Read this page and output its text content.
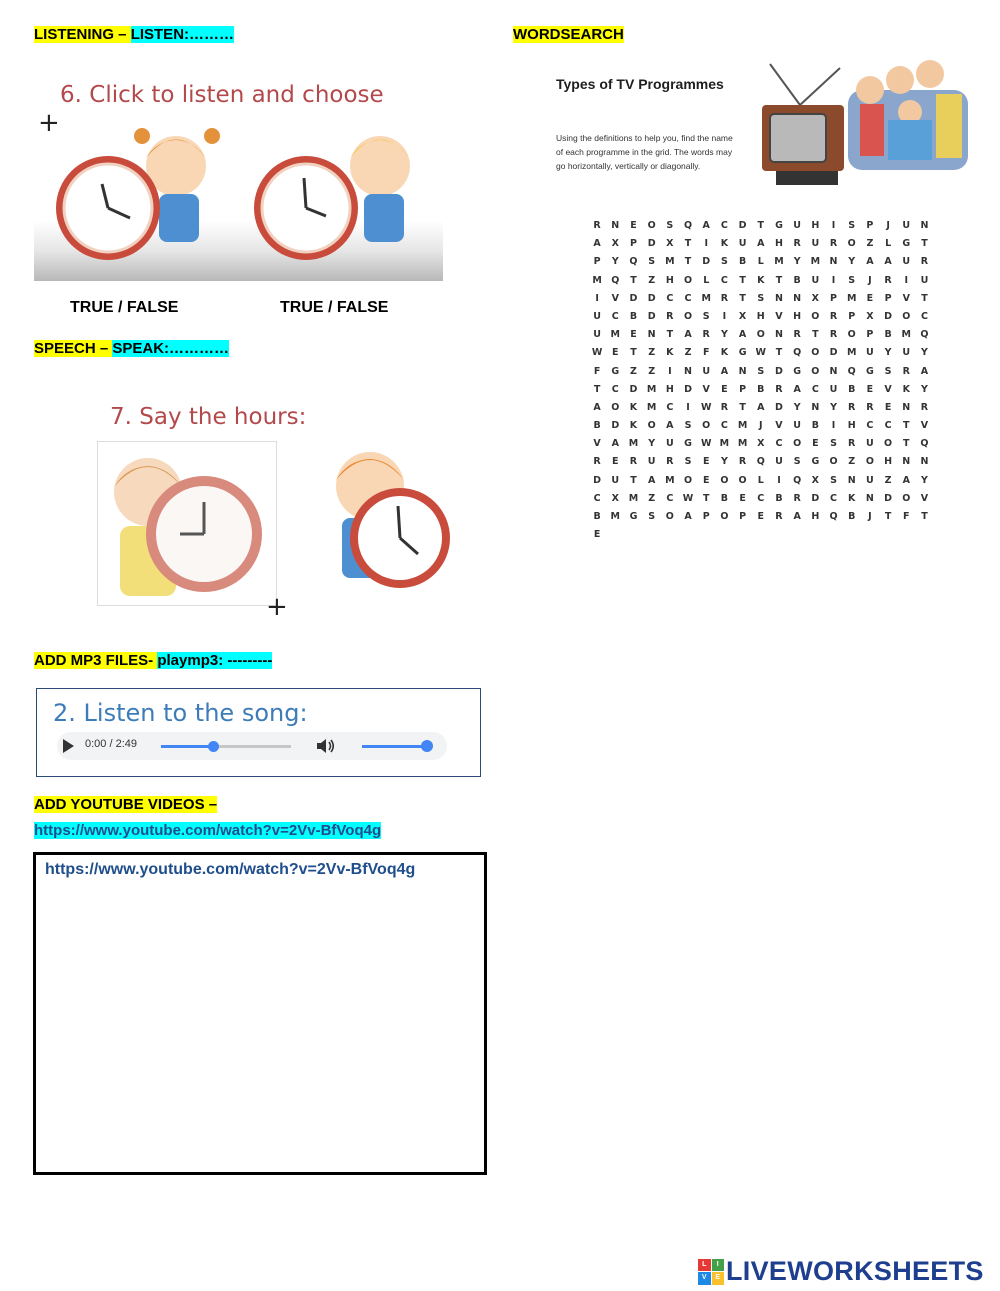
LISTENING – LISTEN:………
6. Click to listen and choose
+
TRUE / FALSE	TRUE / FALSE
SPEECH – SPEAK:…………
7. Say the hours:
+
ADD MP3 FILES- playmp3: ---------
2. Listen to the song:
0:00 / 2:49
ADD YOUTUBE VIDEOS –
https://www.youtube.com/watch?v=2Vv-BfVoq4g
https://www.youtube.com/watch?v=2Vv-BfVoq4g
WORDSEARCH
Types of TV Programmes
Using the definitions to help you, find the name of each programme in the grid. The words may go horizontally, vertically or diagonally.
R	N	E	O	S	Q	A	C	D	T	G	U	H	I	S	P	J	U	N
A	X	P	D	X	T	I	K	U	A	H	R	U	R	O	Z	L	G	T
P	Y	Q	S	M	T	D	S	B	L	M	Y	M N	Y	A	A	U	R
M Q	T	Z	H	O	L	C	T	K	T	B	U	I	S	J	R	I	U
I	V	D	D	C	C	M	R	T	S	N	N	X	P	M	E	P	V	T
U	C	B	D	R	O	S	I	X	H	V	H	O	R	P	X	D	O	C
U	M	E	N	T	A	R	Y	A	O	N	R	T	R	O	P	B	M Q
W	E	T	Z	K	Z	F	K	G W	T	Q	O	D	M	U	Y	U	Y
F	G	Z	Z	I	N	U	A	N	S	D	G	O	N	Q	G	S	R	A
T	C	D	M H	D	V	E	P	B	R	A	C	U	B	E	V	K	Y
A	O	K	M	C	I	W R	T	A	D	Y	N	Y	R	R	E	N	R
B	D	K	O	A	S	O	C	M	J	V	U	B	I	H	C	C	T	V
V	A	M	Y	U	G W M M	X	C	O	E	S	R	U	O	T	Q
R	E	R	U	R	S	E	Y	R	Q	U	S	G	O	Z	O	H	N	N
D	U	T	A	M O	E	O	O	L	I	Q	X	S	N	U	Z	A	Y
C	X	M	Z	C W	T	B	E	C	B	R	D	C	K	N	D	O	V
B	M	G	S	O	A	P	O	P	E	R	A	H	Q	B	J	T	F	T
E
L	I
V	E LIVEWORKSHEETS
